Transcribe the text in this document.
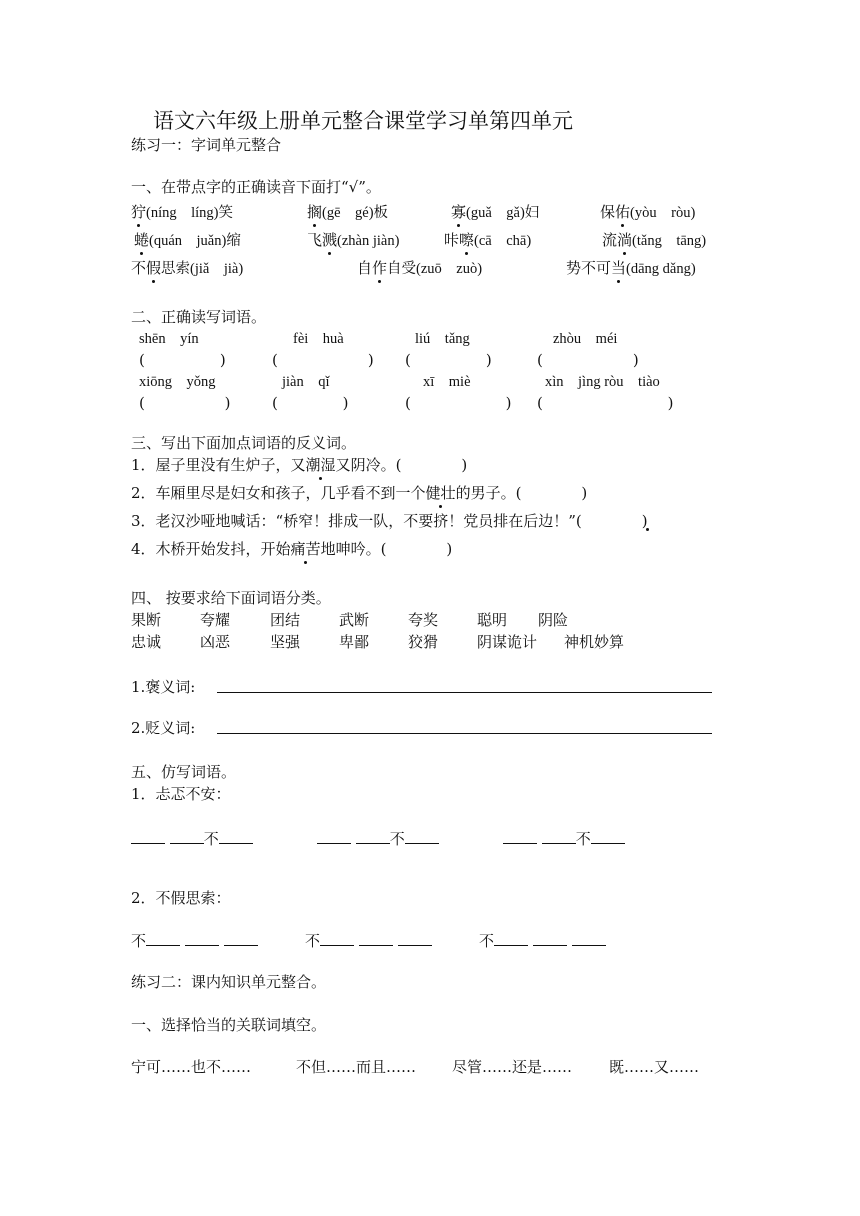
语文六年级上册单元整合课堂学习单第四单元
练习一：字词单元整合
一、在带点字的正确读音下面打“√”。
狞(níng　líng)笑	搁(gē　gé)板	寡(guǎ　gǎ)妇	保佑(yòu　ròu)
蜷(quán　juǎn)缩	飞溅(zhàn jiàn)	咔嚓(cā　chā)	流淌(tǎng　tāng)
不假思索(jiǎ　jià)	自作自受(zuō　zuò)	势不可当(dāng dǎng)
二、正确读写词语。
shēn　yín	fèi　huà	liú　tǎng	zhòu　méi
(　　　　　)	(　　　　　　) (　　　　　)	(　　　　　　)
xiōng　yǒng	jiàn　qǐ	xī　miè	xìn　jìng ròu　tiào
(　　　　　 )	(　　　　 )	(　　　　　　 ) (　　　　　　　　 )
三、写出下面加点词语的反义词。
1．屋子里没有生炉子，又潮湿又阴冷。(　　　　)
2．车厢里尽是妇女和孩子，几乎看不到一个健壮的男子。(　　　　)
3．老汉沙哑地喊话：“桥窄！排成一队，不要挤！党员排在后边！”(　　　　)
4．木桥开始发抖，开始痛苦地呻吟。(　　　　)
四、 按要求给下面词语分类。
果断	夸耀	团结	武断	夸奖	聪明 阴险
忠诚	凶恶	坚强	卑鄙	狡猾	阴谋诡计 神机妙算
1.褒义词:
2.贬义词:
五、仿写词语。
1．忐忑不安：
不	不	不
2．不假思索：
不	不	不
练习二：课内知识单元整合。
一、选择恰当的关联词填空。
宁可……也不……	不但……而且…… 尽管……还是…… 既……又……
